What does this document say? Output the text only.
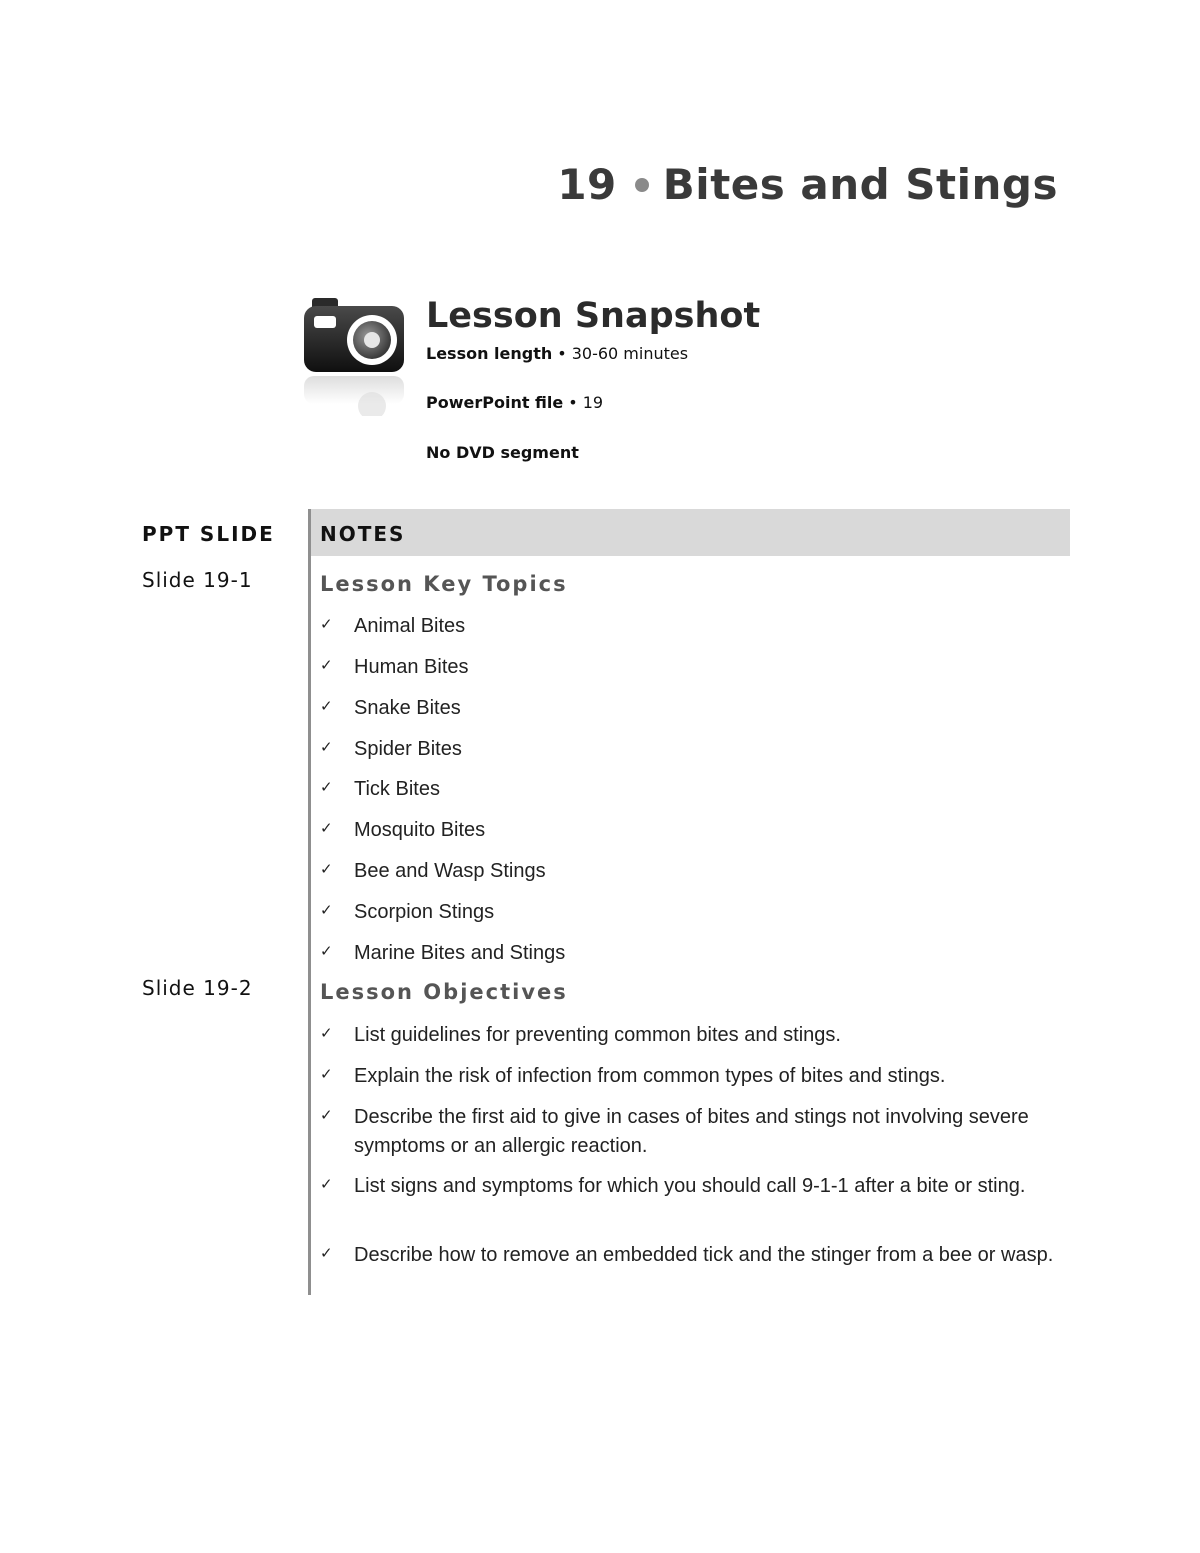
19 Bites and Stings
Lesson Snapshot
Lesson length • 30-60 minutes
PowerPoint file • 19
No DVD segment
PPT SLIDE NOTES
Slide 19-1	Lesson Key Topics
✓ Animal Bites
✓ Human Bites
✓ Snake Bites
✓ Spider Bites
✓ Tick Bites
✓ Mosquito Bites
✓ Bee and Wasp Stings
✓ Scorpion Stings
✓ Marine Bites and Stings
Slide 19-2	Lesson Objectives
✓ List guidelines for preventing common bites and stings.
✓ Explain the risk of infection from common types of bites and stings.
✓ Describe the first aid to give in cases of bites and stings not involving severe symptoms or an allergic reaction.
✓ List signs and symptoms for which you should call 9-1-1 after a bite or sting.
✓ Describe how to remove an embedded tick and the stinger from a bee or wasp.
